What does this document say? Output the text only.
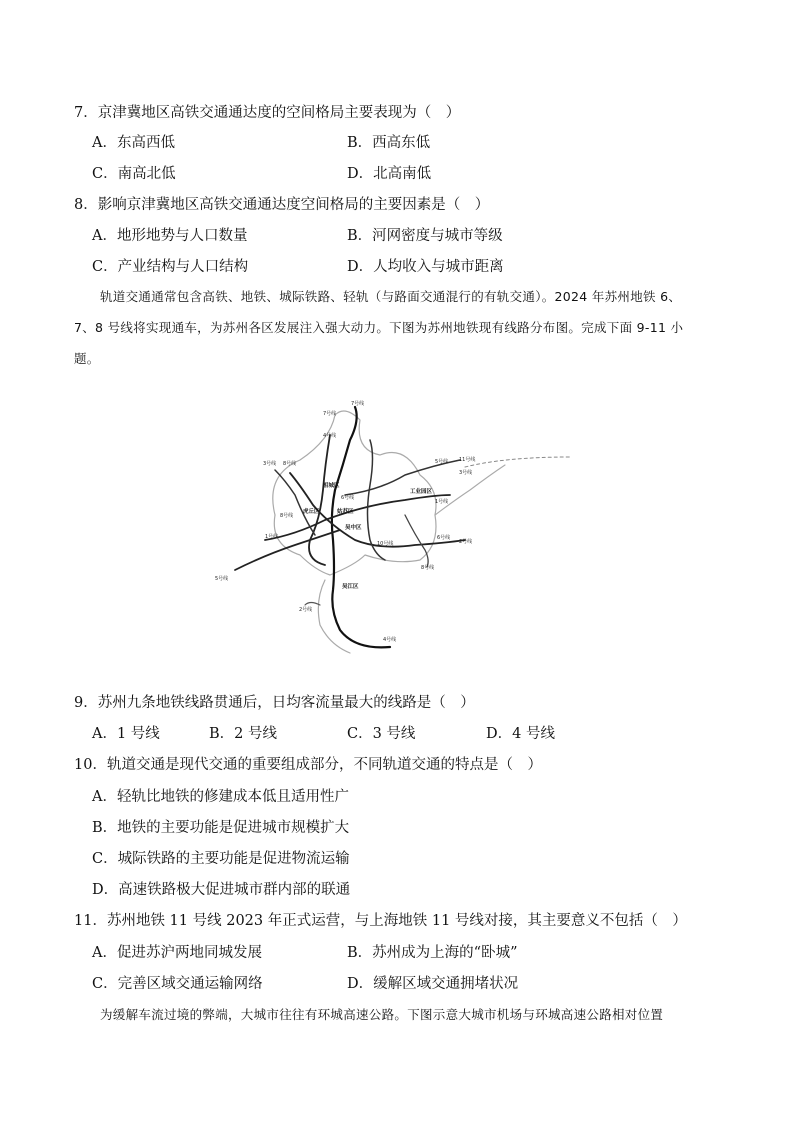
7．京津冀地区高铁交通通达度的空间格局主要表现为（　）
A．东高西低	B．西高东低
C．南高北低	D．北高南低
8．影响京津冀地区高铁交通通达度空间格局的主要因素是（　）
A．地形地势与人口数量	B．河网密度与城市等级
C．产业结构与人口结构	D．人均收入与城市距离
轨道交通通常包含高铁、地铁、城际铁路、轻轨（与路面交通混行的有轨交通）。2024 年苏州地铁 6、
7、8 号线将实现通车，为苏州各区发展注入强大动力。下图为苏州地铁现有线路分布图。完成下面 9-11 小
题。
7号线
7号线
4号线
3号线 8号线	5号线 11号线
3号线
1号线
2号线
8号线
1号线	6号线
5号线
2号线
4号线
10号线
8号线
6号线
相城区
工业园区
虎丘区	姑苏区
吴中区
吴江区
9．苏州九条地铁线路贯通后，日均客流量最大的线路是（　）
A．1 号线	B．2 号线	C．3 号线	D．4 号线
10．轨道交通是现代交通的重要组成部分，不同轨道交通的特点是（　）
A．轻轨比地铁的修建成本低且适用性广
B．地铁的主要功能是促进城市规模扩大
C．城际铁路的主要功能是促进物流运输
D．高速铁路极大促进城市群内部的联通
11．苏州地铁 11 号线 2023 年正式运营，与上海地铁 11 号线对接，其主要意义不包括（　）
A．促进苏沪两地同城发展	B．苏州成为上海的“卧城”
C．完善区域交通运输网络	D．缓解区域交通拥堵状况
为缓解车流过境的弊端，大城市往往有环城高速公路。下图示意大城市机场与环城高速公路相对位置
